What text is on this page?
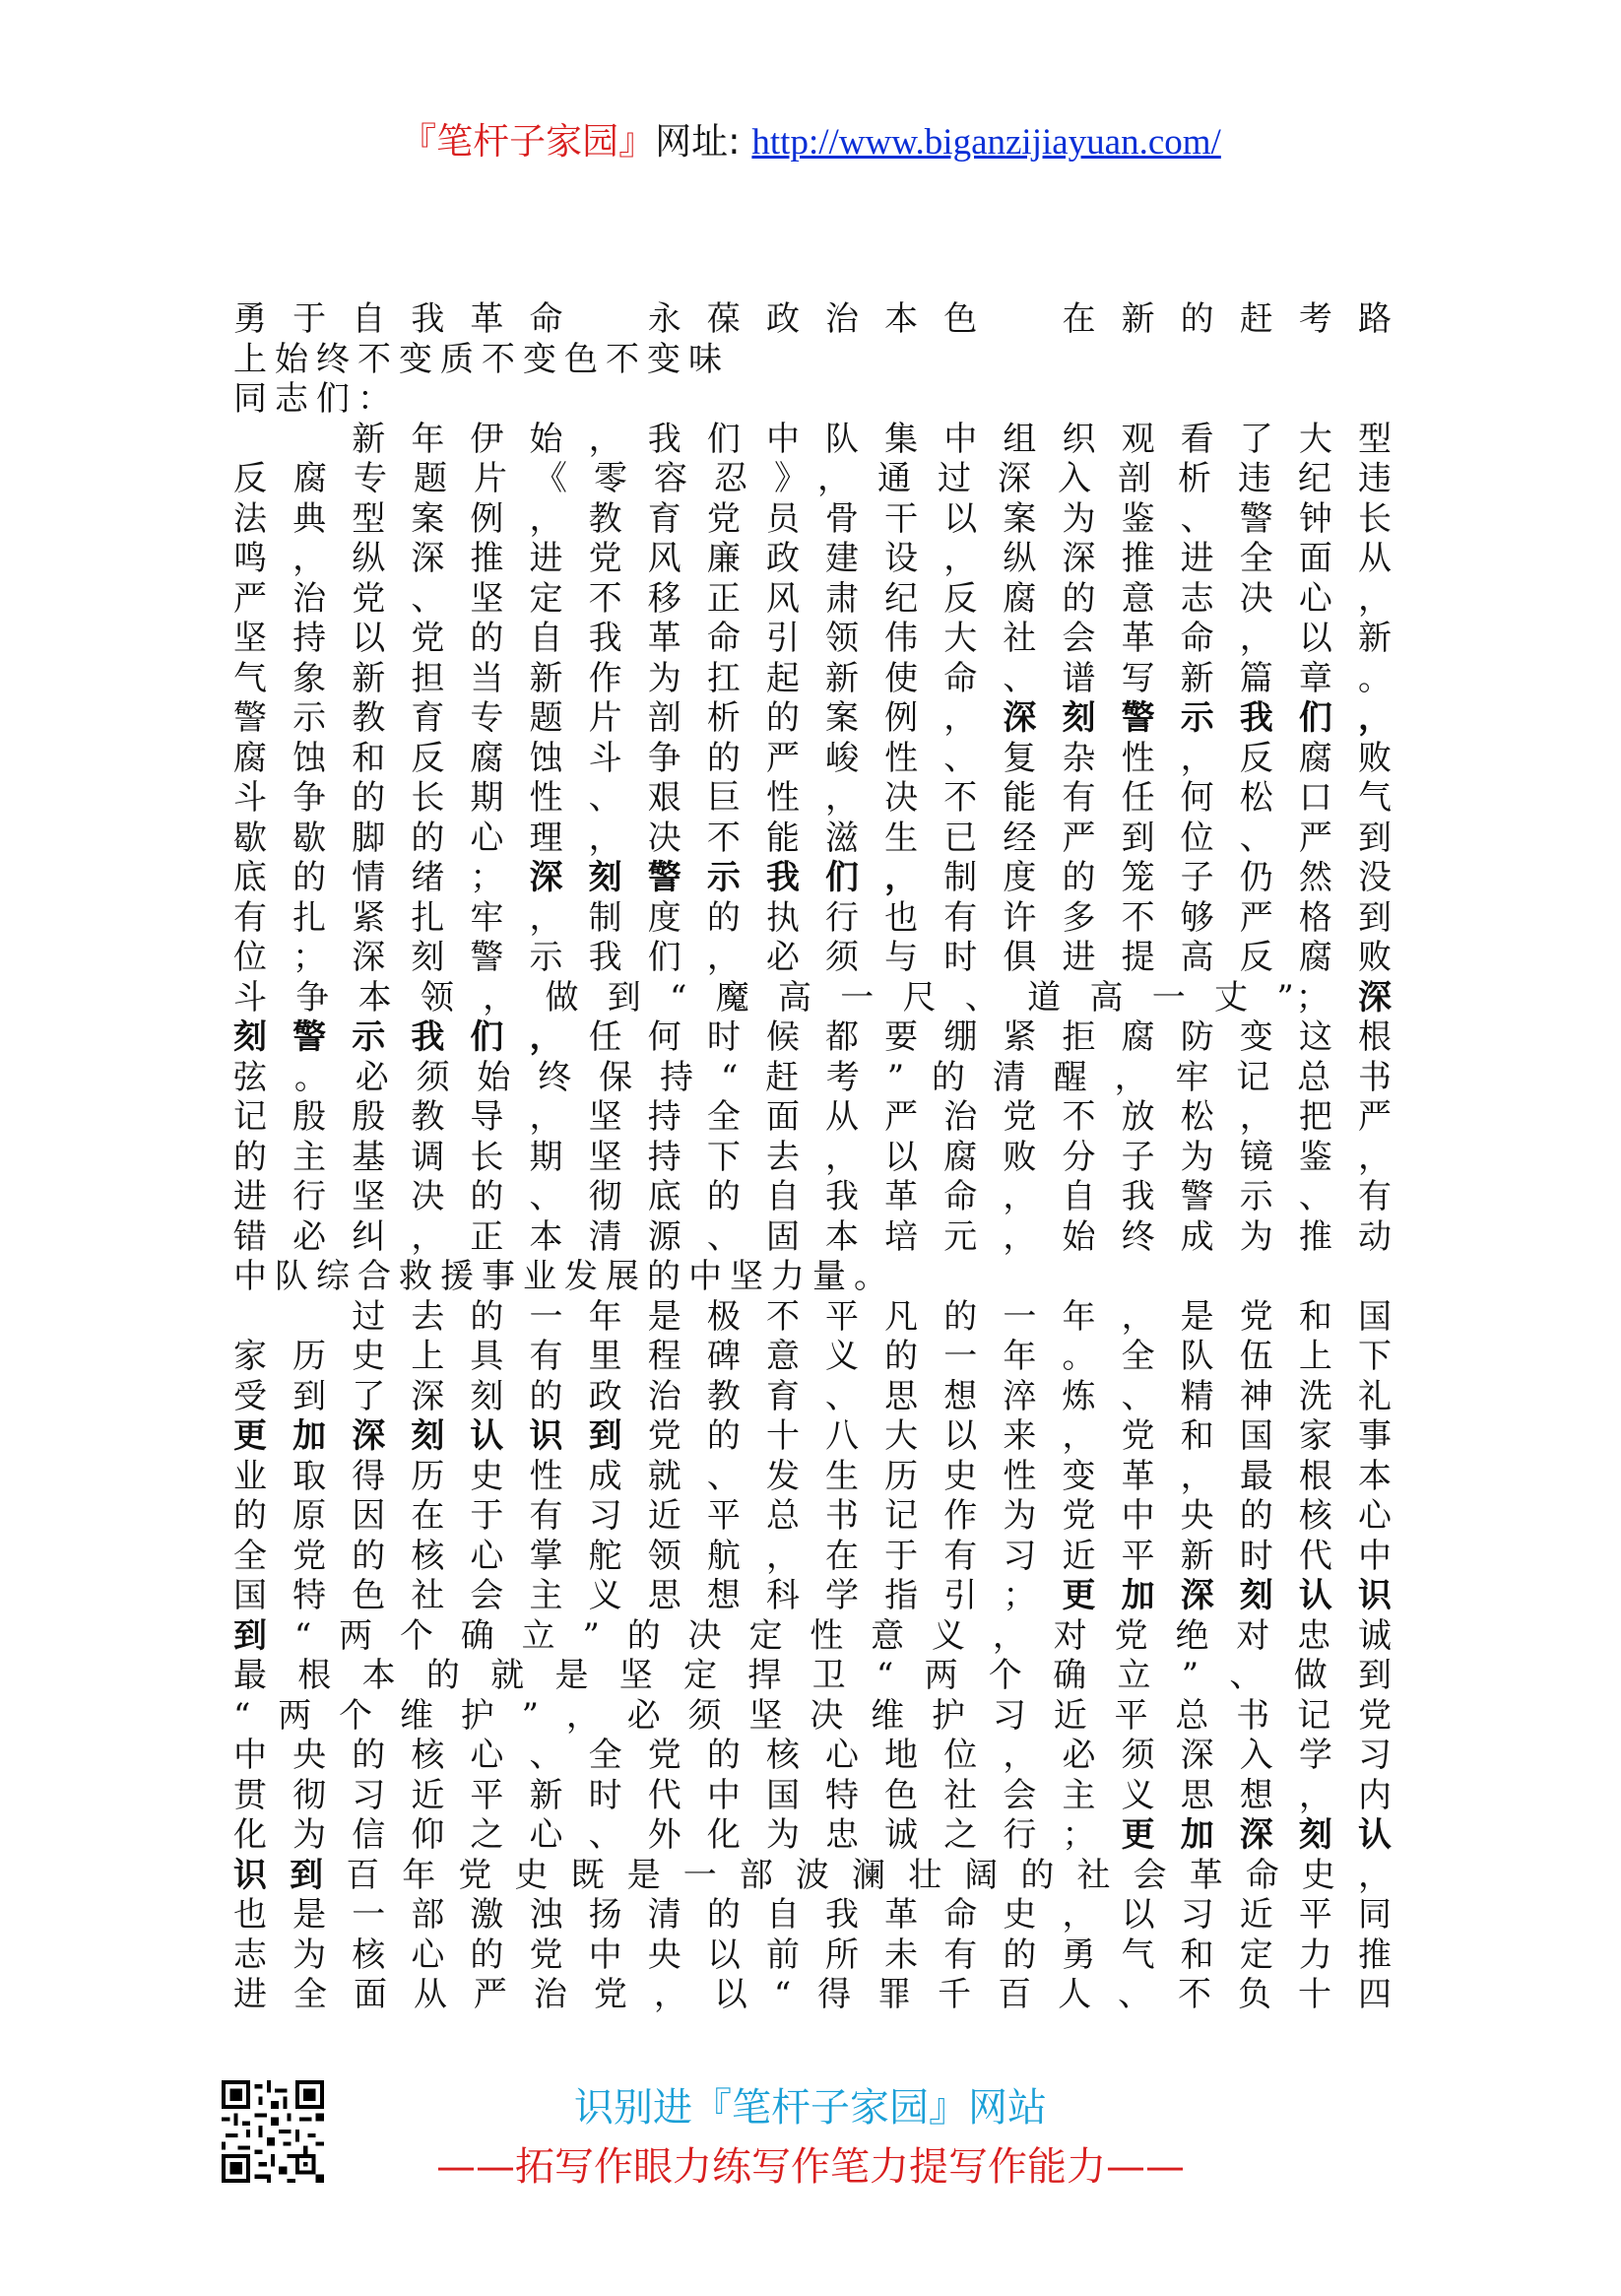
『笔杆子家园』网址: http://www.biganzijiayuan.com/
勇于自我革命　永葆政治本色　在新的赶考路
上始终不变质不变色不变味
同志们：
　　新年伊始，我们中队集中组织观看了大型
反腐专题片《零容忍》，通过深入剖析违纪违
法典型案例，教育党员骨干以案为鉴、警钟长
鸣，纵深推进党风廉政建设，纵深推进全面从
严治党、坚定不移正风肃纪反腐的意志决心，
坚持以党的自我革命引领伟大社会革命，以新
气象新担当新作为扛起新使命、谱写新篇章。
警示教育专题片剖析的案例，深刻警示我们，
腐蚀和反腐蚀斗争的严峻性、复杂性，反腐败
斗争的长期性、艰巨性，决不能有任何松口气
歇歇脚的心理，决不能滋生已经严到位、严到
底的情绪；深刻警示我们，制度的笼子仍然没
有扎紧扎牢，制度的执行也有许多不够严格到
位；深刻警示我们，必须与时俱进提高反腐败
斗争本领，做到“魔高一尺、道高一丈”；深
刻警示我们，任何时候都要绷紧拒腐防变这根
弦。必须始终保持“赶考”的清醒，牢记总书
记殷殷教导，坚持全面从严治党不放松，把严
的主基调长期坚持下去，以腐败分子为镜鉴，
进行坚决的、彻底的自我革命，自我警示、有
错必纠，正本清源、固本培元，始终成为推动
中队综合救援事业发展的中坚力量。
　　过去的一年是极不平凡的一年，是党和国
家历史上具有里程碑意义的一年。全队伍上下
受到了深刻的政治教育、思想淬炼、精神洗礼
更加深刻认识到党的十八大以来，党和国家事
业取得历史性成就、发生历史性变革，最根本
的原因在于有习近平总书记作为党中央的核心
全党的核心掌舵领航，在于有习近平新时代中
国特色社会主义思想科学指引；更加深刻认识
到“两个确立”的决定性意义，对党绝对忠诚
最根本的就是坚定捍卫“两个确立”、做到
“两个维护”，必须坚决维护习近平总书记党
中央的核心、全党的核心地位，必须深入学习
贯彻习近平新时代中国特色社会主义思想，内
化为信仰之心、外化为忠诚之行；更加深刻认
识到百年党史既是一部波澜壮阔的社会革命史，
也是一部激浊扬清的自我革命史，以习近平同
志为核心的党中央以前所未有的勇气和定力推
进全面从严治党，以“得罪千百人、不负十四
识别进『笔杆子家园』网站
——拓写作眼力练写作笔力提写作能力——
